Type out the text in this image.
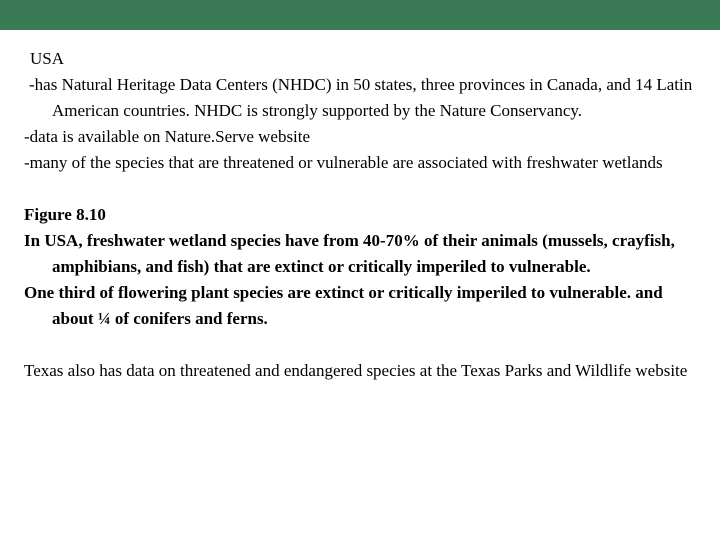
USA

-has Natural Heritage Data Centers (NHDC) in 50 states, three provinces in Canada, and 14 Latin American countries. NHDC is strongly supported by the Nature Conservancy.

-data is available on Nature.Serve website

-many of the species that are threatened or vulnerable are associated with freshwater wetlands

Figure 8.10

In USA, freshwater wetland species have from 40-70% of their animals (mussels, crayfish, amphibians, and fish) that are extinct or critically imperiled to vulnerable.

One third of flowering plant species are extinct or critically imperiled to vulnerable. and about ¼ of conifers and ferns.

Texas also has data on threatened and endangered species at the Texas Parks and Wildlife website
